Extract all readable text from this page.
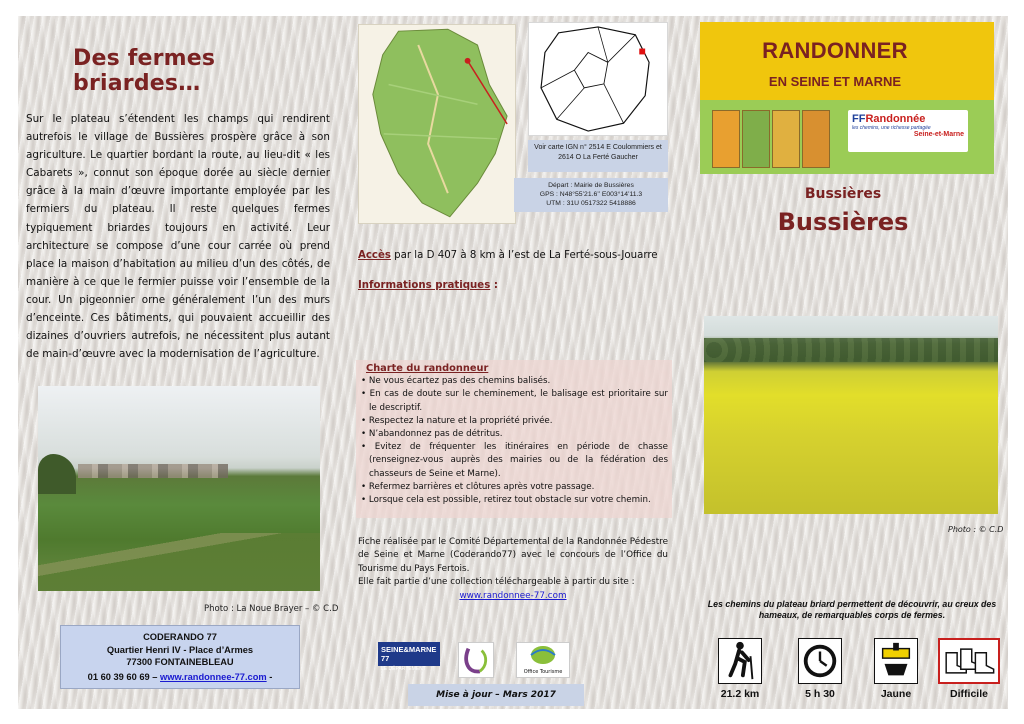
Des fermes briardes…

Sur le plateau s’étendent les champs qui rendirent autrefois le village de Bussières prospère grâce à son agriculture. Le quartier bordant la route, au lieu-dit « les Cabarets », connut son époque dorée au siècle dernier grâce à la main d’œuvre importante employée par les fermiers du plateau. Il reste quelques fermes typiquement briardes toujours en activité. Leur architecture se compose d’une cour carrée où prend place la maison d’habitation au milieu d’un des côtés, de manière à ce que le fermier puisse voir l’ensemble de la cour. Un pigeonnier orne généralement l’un des murs d’enceinte. Ces bâtiments, qui pouvaient accueillir des dizaines d’ouvriers autrefois, ne nécessitent plus autant de main-d’œuvre avec la modernisation de l’agriculture.

Photo : La Noue Brayer – © C.D
CODERANDO 77
Quartier Henri IV - Place d’Armes
77300 FONTAINEBLEAU
01 60 39 60 69 – www.randonnee-77.com -
Voir carte IGN n° 2514 E Coulommiers et 2614 O La Ferté Gaucher
Départ : Mairie de Bussières
GPS : N48°55’21.6’’ E003°14’11.3
UTM : 31U 0517322 5418886
Accès par la D 407 à 8 km à l’est de La Ferté-sous-Jouarre
Informations pratiques :
Charte du randonneur
• Ne vous écartez pas des chemins balisés.
• En cas de doute sur le cheminement, le balisage est prioritaire sur le descriptif.
• Respectez la nature et la propriété privée.
• N’abandonnez pas de détritus.
• Evitez de fréquenter les itinéraires en période de chasse (renseignez-vous auprès des mairies ou de la fédération des chasseurs de Seine et Marne).
• Refermez barrières et clôtures après votre passage.
• Lorsque cela est possible, retirez tout obstacle sur votre chemin.
Fiche réalisée par le Comité Départemental de la Randonnée Pédestre de Seine et Marne (Coderando77) avec le concours de l’Office du Tourisme du Pays Fertois.
Elle fait partie d’une collection téléchargeable à partir du site :
www.randonnee-77.com
SEINE&MARNE
77
LE DÉPARTEMENT	Office Tourisme
Mise à jour – Mars 2017
RANDONNER
EN SEINE ET MARNE
FFRandonnée
les chemins, une richesse partagée
Seine-et-Marne
Bussières
Bussières
Photo : © C.D
Les chemins du plateau briard permettent de découvrir, au creux des hameaux, de remarquables corps de fermes.
21.2 km	5 h 30	Jaune	Difficile
